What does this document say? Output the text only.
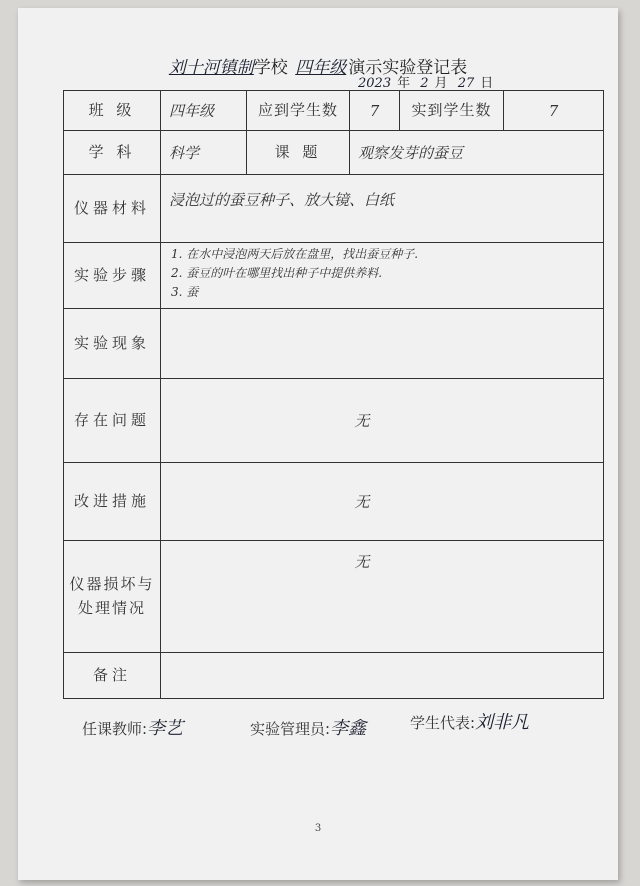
刘十河镇制学校 四年级 演示实验登记表
2023 年 2 月 27 日
班 级	四年级	应到学生数	7	实到学生数	7
学 科	科学	课 题	观察发芽的蚕豆		
仪器材料	浸泡过的蚕豆种子、放大镜、白纸				
实验步骤	1. 在水中浸泡两天后放在盘里，找出蚕豆种子.
2. 蚕豆的叶在哪里找出种子中提供养料.
3. 蚕				

实验现象					
存在问题	无				
改进措施	无				
仪器损坏与处理情况	无				
备注					
任课教师:李艺	实验管理员:李鑫	学生代表:刘非凡
3
